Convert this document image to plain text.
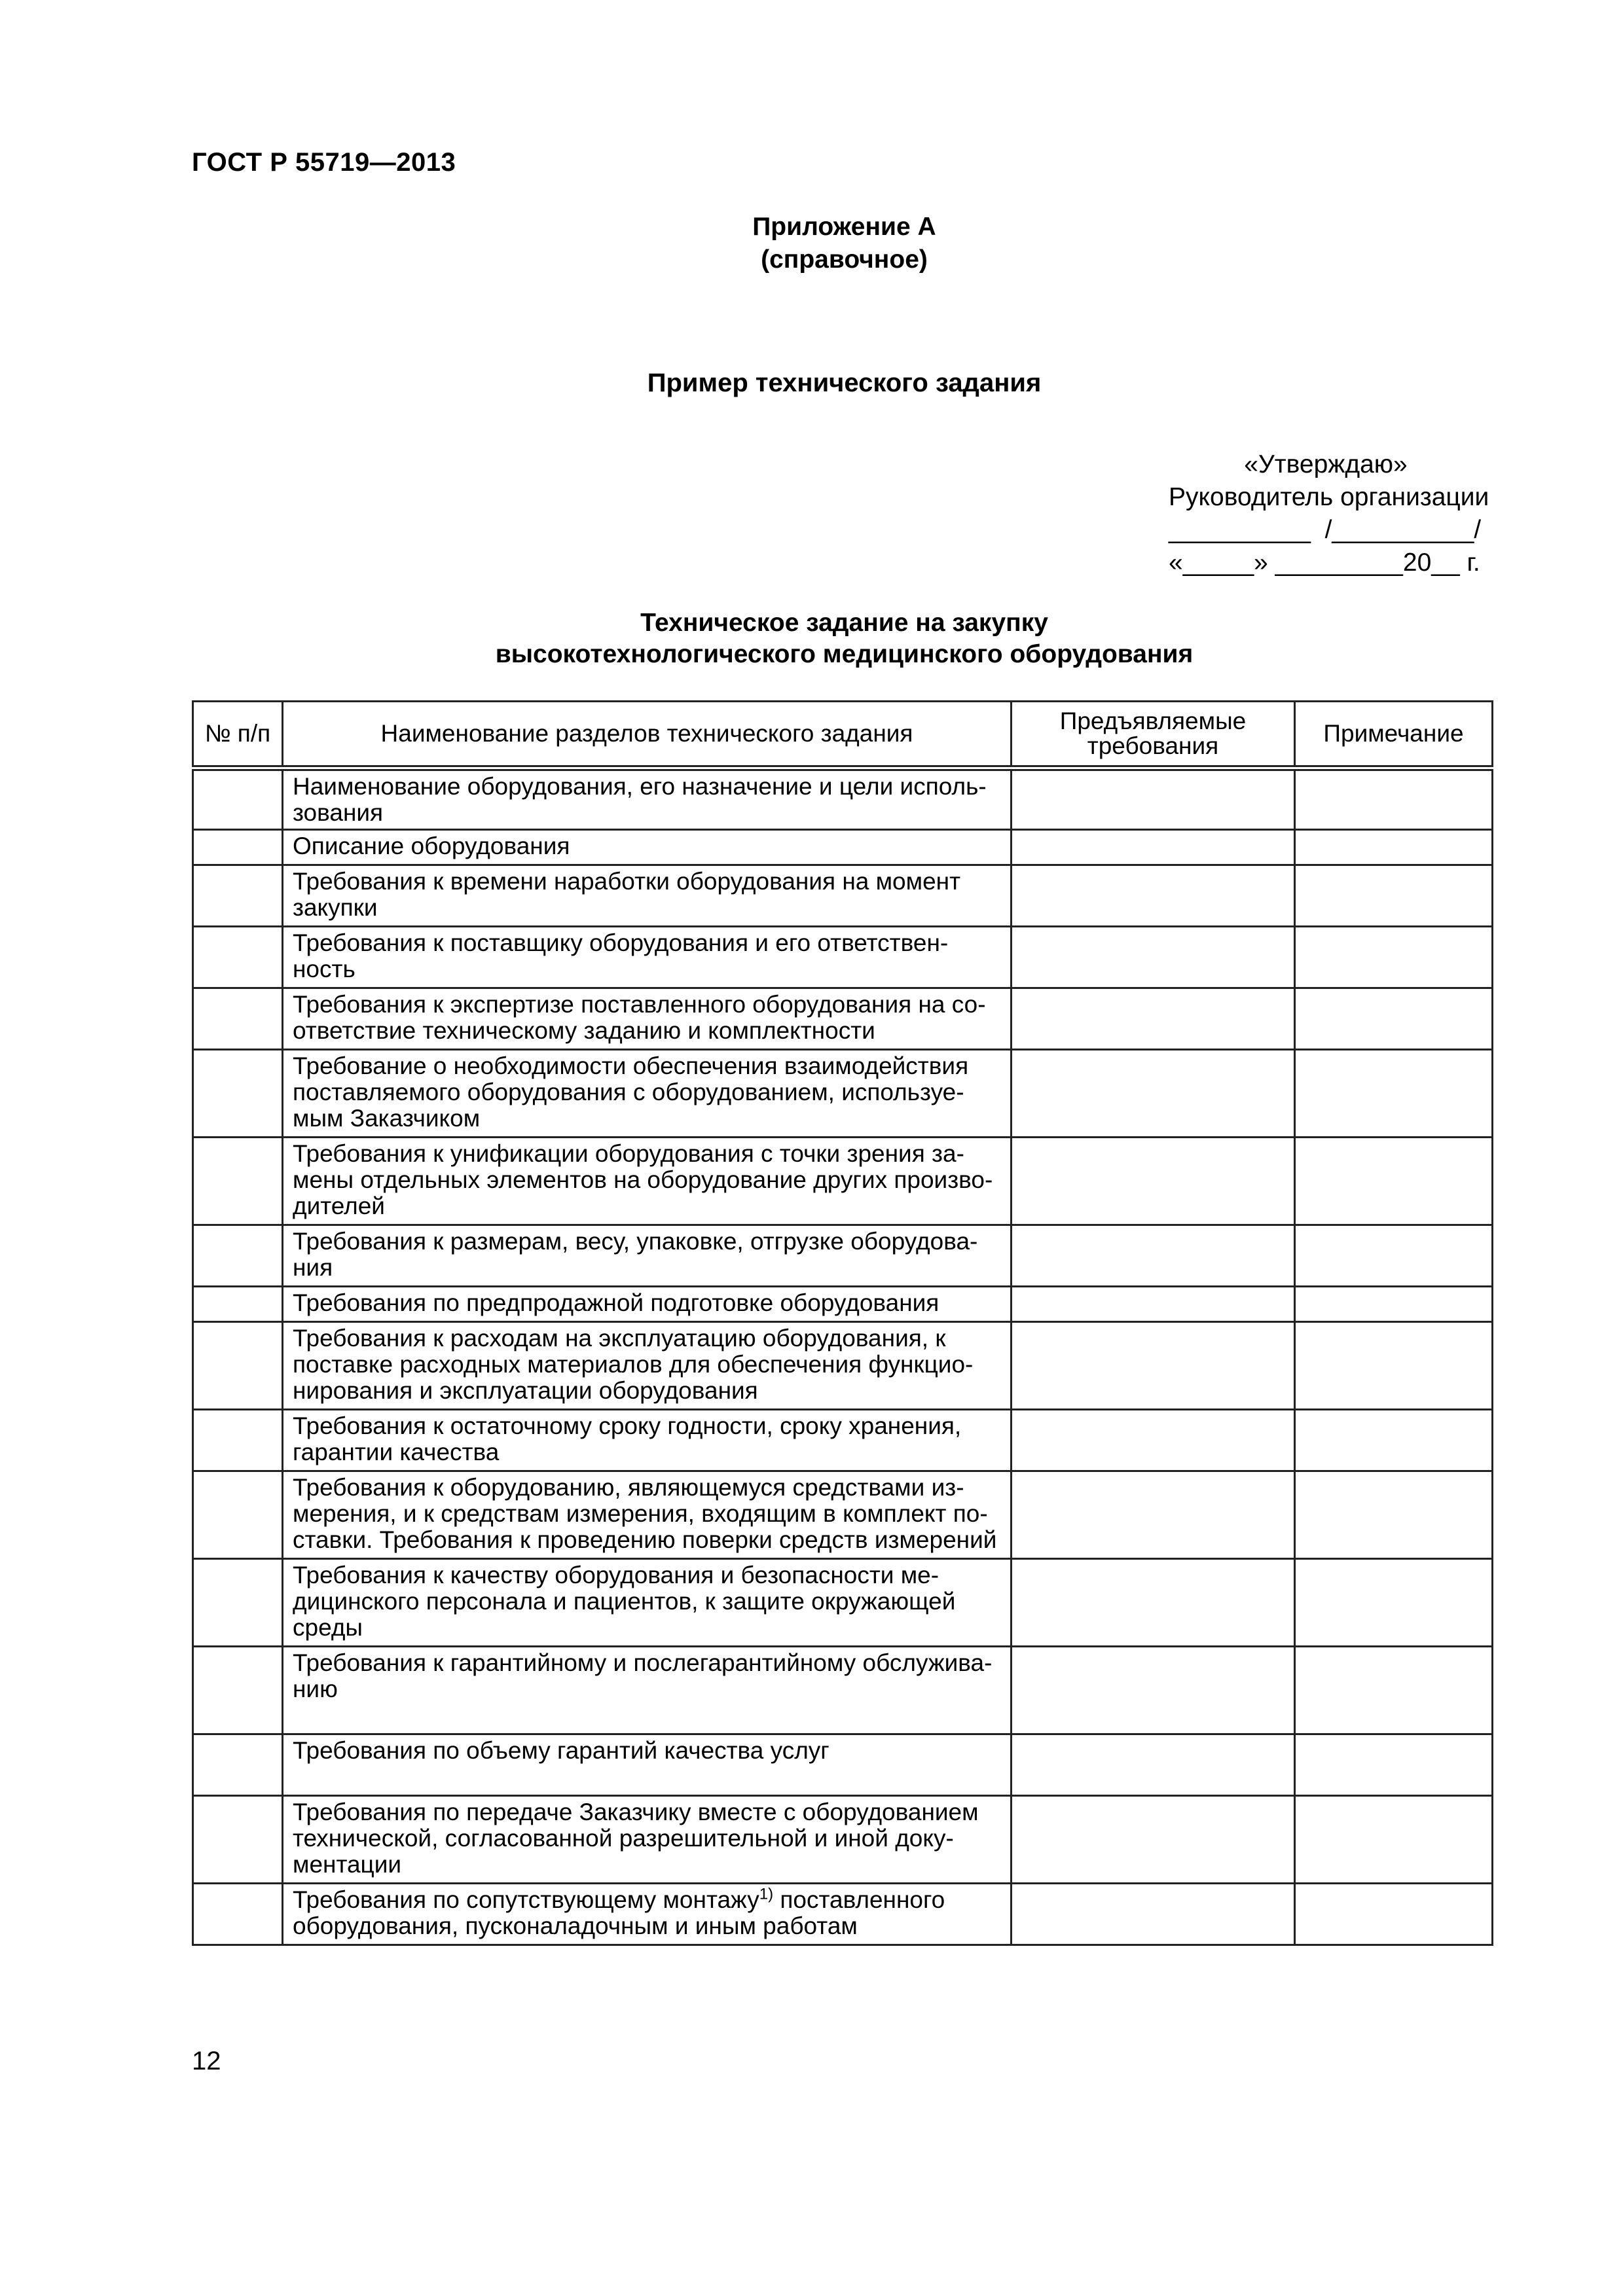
ГОСТ Р 55719—2013
Приложение А
(справочное)
Пример технического задания
«Утверждаю»
Руководитель организации
__________  /__________/
«_____» _________20__ г.
Техническое задание на закупку
высокотехнологического медицинского оборудования
№ п/п	Наименование разделов технического задания	Предъявляемые требования	Примечание
	Наименование оборудования, его назначение и цели исполь-
зования		
	Описание оборудования		
	Требования к времени наработки оборудования на момент
закупки		
	Требования к поставщику оборудования и его ответствен-
ность		
	Требования к экспертизе поставленного оборудования на со-
ответствие техническому заданию и комплектности		
	Требование о необходимости обеспечения взаимодействия
поставляемого оборудования с оборудованием, используе-
мым Заказчиком		
	Требования к унификации оборудования с точки зрения за-
мены отдельных элементов на оборудование других произво-
дителей		
	Требования к размерам, весу, упаковке, отгрузке оборудова-
ния		
	Требования по предпродажной подготовке оборудования		
	Требования к расходам на эксплуатацию оборудования, к
поставке расходных материалов для обеспечения функцио-
нирования и эксплуатации оборудования		
	Требования к остаточному сроку годности, сроку хранения,
гарантии качества		
	Требования к оборудованию, являющемуся средствами из-
мерения, и к средствам измерения, входящим в комплект по-
ставки. Требования к проведению поверки средств измерений		
	Требования к качеству оборудования и безопасности ме-
дицинского персонала и пациентов, к защите окружающей
среды		
	Требования к гарантийному и послегарантийному обслужива-
нию		
	Требования по объему гарантий качества услуг		
	Требования по передаче Заказчику вместе с оборудованием
технической, согласованной разрешительной и иной доку-
ментации		
	Требования по сопутствующему монтажу$^{1)}$ поставленного
оборудования, пусконаладочным и иным работам		
12
